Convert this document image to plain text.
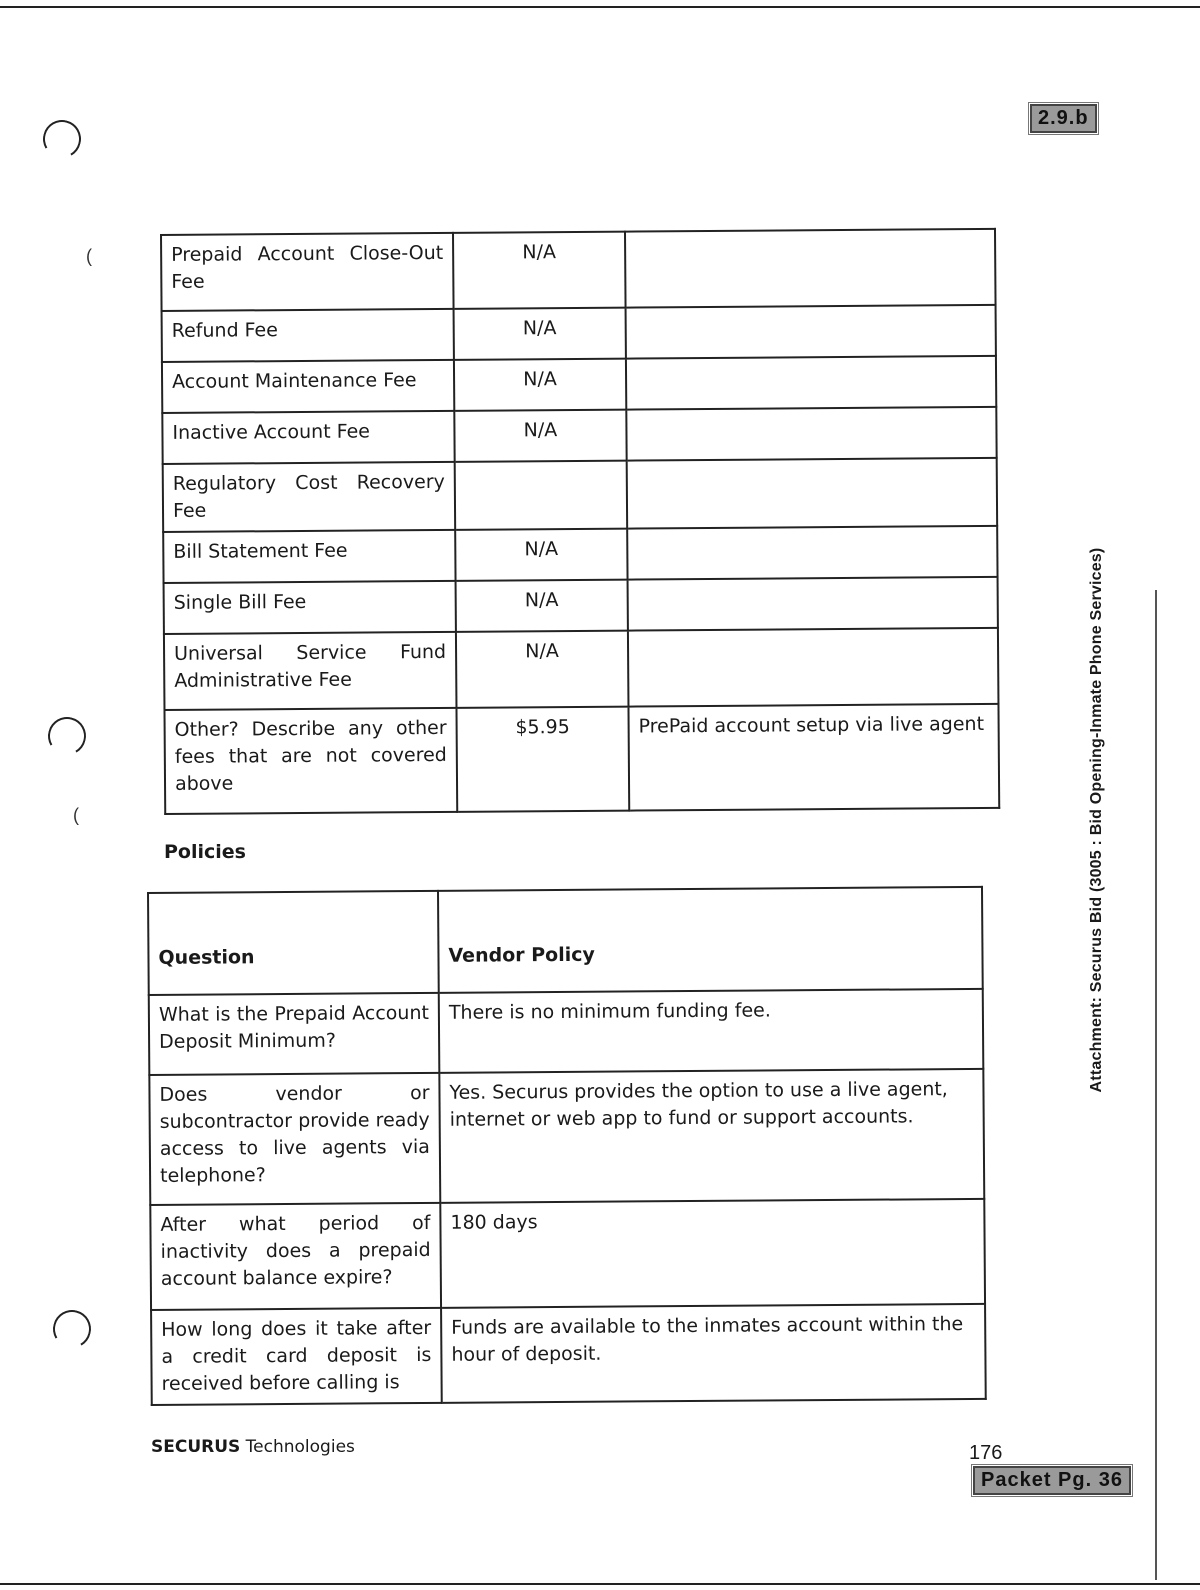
(
(
2.9.b
Attachment: Securus Bid (3005 : Bid Opening-Inmate Phone Services)
Prepaid Account Close-Out Fee	N/A	
Refund Fee	N/A	
Account Maintenance Fee	N/A	
Inactive Account Fee	N/A	
Regulatory Cost Recovery Fee		
Bill Statement Fee	N/A	
Single Bill Fee	N/A	
Universal Service Fund Administrative Fee	N/A	
Other? Describe any other fees that are not covered above	$5.95	PrePaid account setup via live agent
Policies
Question	Vendor Policy
What is the Prepaid Account Deposit Minimum?	There is no minimum funding fee.
Does vendor or subcontractor provide ready access to live agents via telephone?	Yes. Securus provides the option to use a live agent, internet or web app to fund or support accounts.
After what period of inactivity does a prepaid account balance expire?	180 days
How long does it take after a credit card deposit is received before calling is	Funds are available to the inmates account within the hour of deposit.
SECURUS Technologies	176
Packet Pg. 36
